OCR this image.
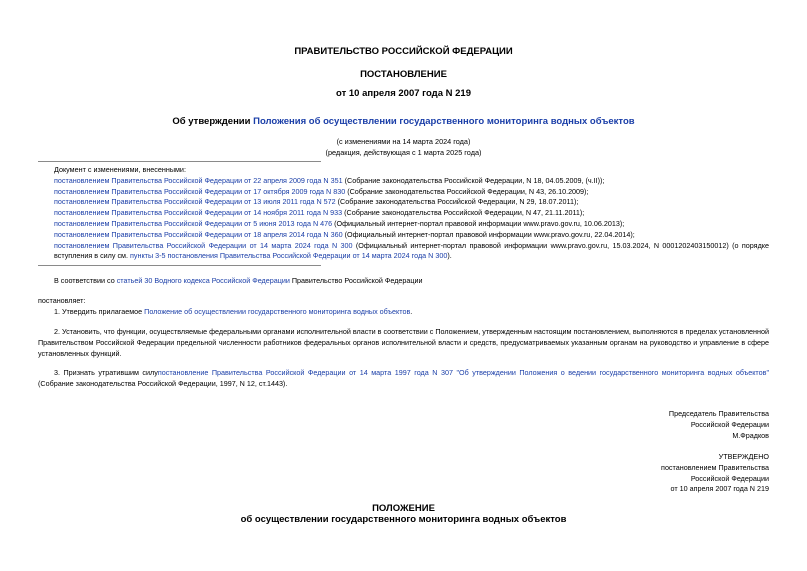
ПРАВИТЕЛЬСТВО РОССИЙСКОЙ ФЕДЕРАЦИИ
ПОСТАНОВЛЕНИЕ
от 10 апреля 2007 года N 219
Об утверждении Положения об осуществлении государственного мониторинга водных объектов
(с изменениями на 14 марта 2024 года)
(редакция, действующая с 1 марта 2025 года)
Документ с изменениями, внесенными:
постановлением Правительства Российской Федерации от 22 апреля 2009 года N 351 (Собрание законодательства Российской Федерации, N 18, 04.05.2009, (ч.II));
постановлением Правительства Российской Федерации от 17 октября 2009 года N 830 (Собрание законодательства Российской Федерации, N 43, 26.10.2009);
постановлением Правительства Российской Федерации от 13 июля 2011 года N 572 (Собрание законодательства Российской Федерации, N 29, 18.07.2011);
постановлением Правительства Российской Федерации от 14 ноября 2011 года N 933 (Собрание законодательства Российской Федерации, N 47, 21.11.2011);
постановлением Правительства Российской Федерации от 5 июня 2013 года N 476 (Официальный интернет-портал правовой информации www.pravo.gov.ru, 10.06.2013);
постановлением Правительства Российской Федерации от 18 апреля 2014 года N 360 (Официальный интернет-портал правовой информации www.pravo.gov.ru, 22.04.2014);
постановлением Правительства Российской Федерации от 14 марта 2024 года N 300 (Официальный интернет-портал правовой информации www.pravo.gov.ru, 15.03.2024, N 0001202403150012) (о порядке вступления в силу см. пункты 3-5 постановления Правительства Российской Федерации от 14 марта 2024 года N 300).
В соответствии со статьей 30 Водного кодекса Российской Федерации Правительство Российской Федерации
постановляет:
1. Утвердить прилагаемое Положение об осуществлении государственного мониторинга водных объектов.
2. Установить, что функции, осуществляемые федеральными органами исполнительной власти в соответствии с Положением, утвержденным настоящим постановлением, выполняются в пределах установленной Правительством Российской Федерации предельной численности работников федеральных органов исполнительной власти и средств, предусматриваемых указанным органам на руководство и управление в сфере установленных функций.
3. Признать утратившим силупостановление Правительства Российской Федерации от 14 марта 1997 года N 307 "Об утверждении Положения о ведении государственного мониторинга водных объектов" (Собрание законодательства Российской Федерации, 1997, N 12, ст.1443).
Председатель Правительства
Российской Федерации
М.Фрадков
УТВЕРЖДЕНО
постановлением Правительства
Российской Федерации
от 10 апреля 2007 года N 219
ПОЛОЖЕНИЕ
об осуществлении государственного мониторинга водных объектов
